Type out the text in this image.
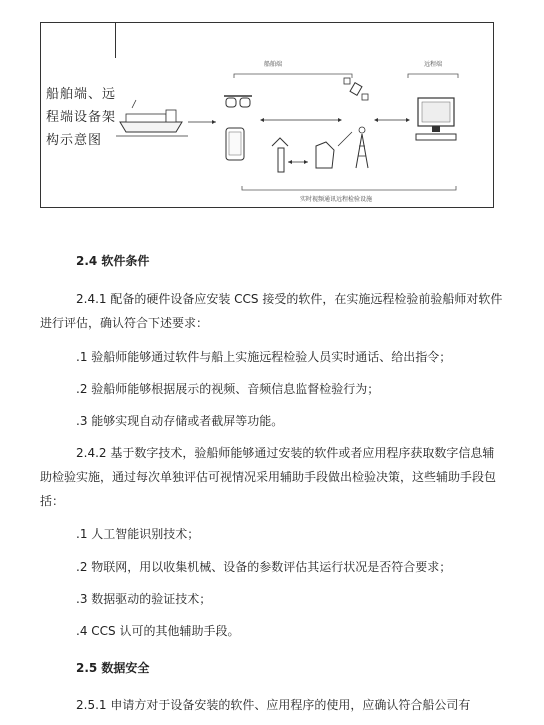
船舶端、远程端设备架构示意图
船舶端	远程端
实时视频通讯远程检验设施
2.4 软件条件
2.4.1 配备的硬件设备应安装 CCS 接受的软件，在实施远程检验前验船师对软件进行评估，确认符合下述要求：
.1 验船师能够通过软件与船上实施远程检验人员实时通话、给出指令；
.2 验船师能够根据展示的视频、音频信息监督检验行为；
.3 能够实现自动存储或者截屏等功能。
2.4.2 基于数字技术，验船师能够通过安装的软件或者应用程序获取数字信息辅助检验实施，通过每次单独评估可视情况采用辅助手段做出检验决策，这些辅助手段包括：
.1 人工智能识别技术；
.2 物联网，用以收集机械、设备的参数评估其运行状况是否符合要求；
.3 数据驱动的验证技术；
.4 CCS 认可的其他辅助手段。
2.5 数据安全
2.5.1 申请方对于设备安装的软件、应用程序的使用，应确认符合船公司有
